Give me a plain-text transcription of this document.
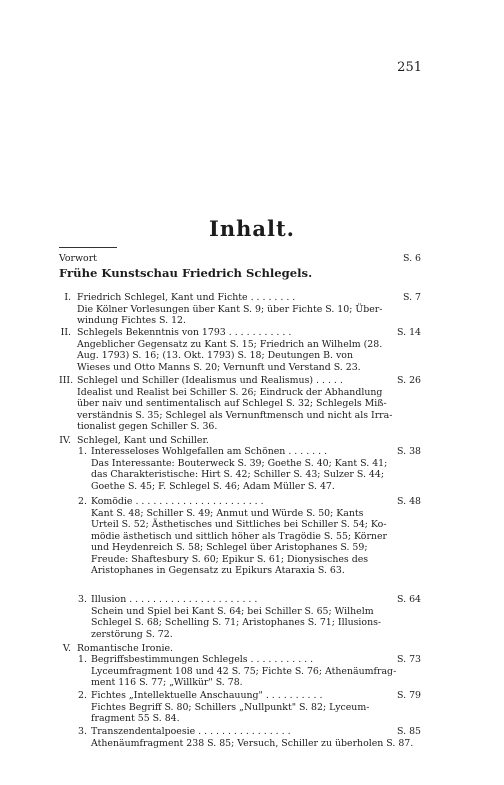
251
Inhalt.
Vorwort	S. 6
Frühe Kunstschau Friedrich Schlegels.
I. Friedrich Schlegel, Kant und Fichte . . . . . . . .
Die Kölner Vorlesungen über Kant S. 9; über Fichte S. 10; Über-
windung Fichtes S. 12.
S. 7
II. Schlegels Bekenntnis von 1793 . . . . . . . . . . .
Angeblicher Gegensatz zu Kant S. 15; Friedrich an Wilhelm (28.
Aug. 1793) S. 16; (13. Okt. 1793) S. 18; Deutungen B. von
Wieses und Otto Manns S. 20; Vernunft und Verstand S. 23.
S. 14
III. Schlegel und Schiller (Idealismus und Realismus) . . . . .
Idealist und Realist bei Schiller S. 26; Eindruck der Abhandlung
über naiv und sentimentalisch auf Schlegel S. 32; Schlegels Miß-
verständnis S. 35; Schlegel als Vernunftmensch und nicht als Irra-
tionalist gegen Schiller S. 36.
S. 26
IV. Schlegel, Kant und Schiller.
1. Interesseloses Wohlgefallen am Schönen . . . . . . .
Das Interessante: Bouterweck S. 39; Goethe S. 40; Kant S. 41;
das Charakteristische: Hirt S. 42; Schiller S. 43; Sulzer S. 44;
Goethe S. 45; F. Schlegel S. 46; Adam Müller S. 47.
S. 38
2. Komödie . . . . . . . . . . . . . . . . . . . . . .
Kant S. 48; Schiller S. 49; Anmut und Würde S. 50; Kants
Urteil S. 52; Ästhetisches und Sittliches bei Schiller S. 54; Ko-
mödie ästhetisch und sittlich höher als Tragödie S. 55; Körner
und Heydenreich S. 58; Schlegel über Aristophanes S. 59;
Freude: Shaftesbury S. 60; Epikur S. 61; Dionysisches des
Aristophanes in Gegensatz zu Epikurs Ataraxia S. 63.
S. 48
3. Illusion . . . . . . . . . . . . . . . . . . . . . .
Schein und Spiel bei Kant S. 64; bei Schiller S. 65; Wilhelm
Schlegel S. 68; Schelling S. 71; Aristophanes S. 71; Illusions-
zerstörung S. 72.
S. 64
V. Romantische Ironie.
1. Begriffsbestimmungen Schlegels . . . . . . . . . . .
Lyceumfragment 108 und 42 S. 75; Fichte S. 76; Athenäumfrag-
ment 116 S. 77; „Willkür" S. 78.
S. 73
2. Fichtes „Intellektuelle Anschauung" . . . . . . . . . .
Fichtes Begriff S. 80; Schillers „Nullpunkt" S. 82; Lyceum-
fragment 55 S. 84.
S. 79
3. Transzendentalpoesie . . . . . . . . . . . . . . . .
Athenäumfragment 238 S. 85; Versuch, Schiller zu überholen S. 87.
S. 85
